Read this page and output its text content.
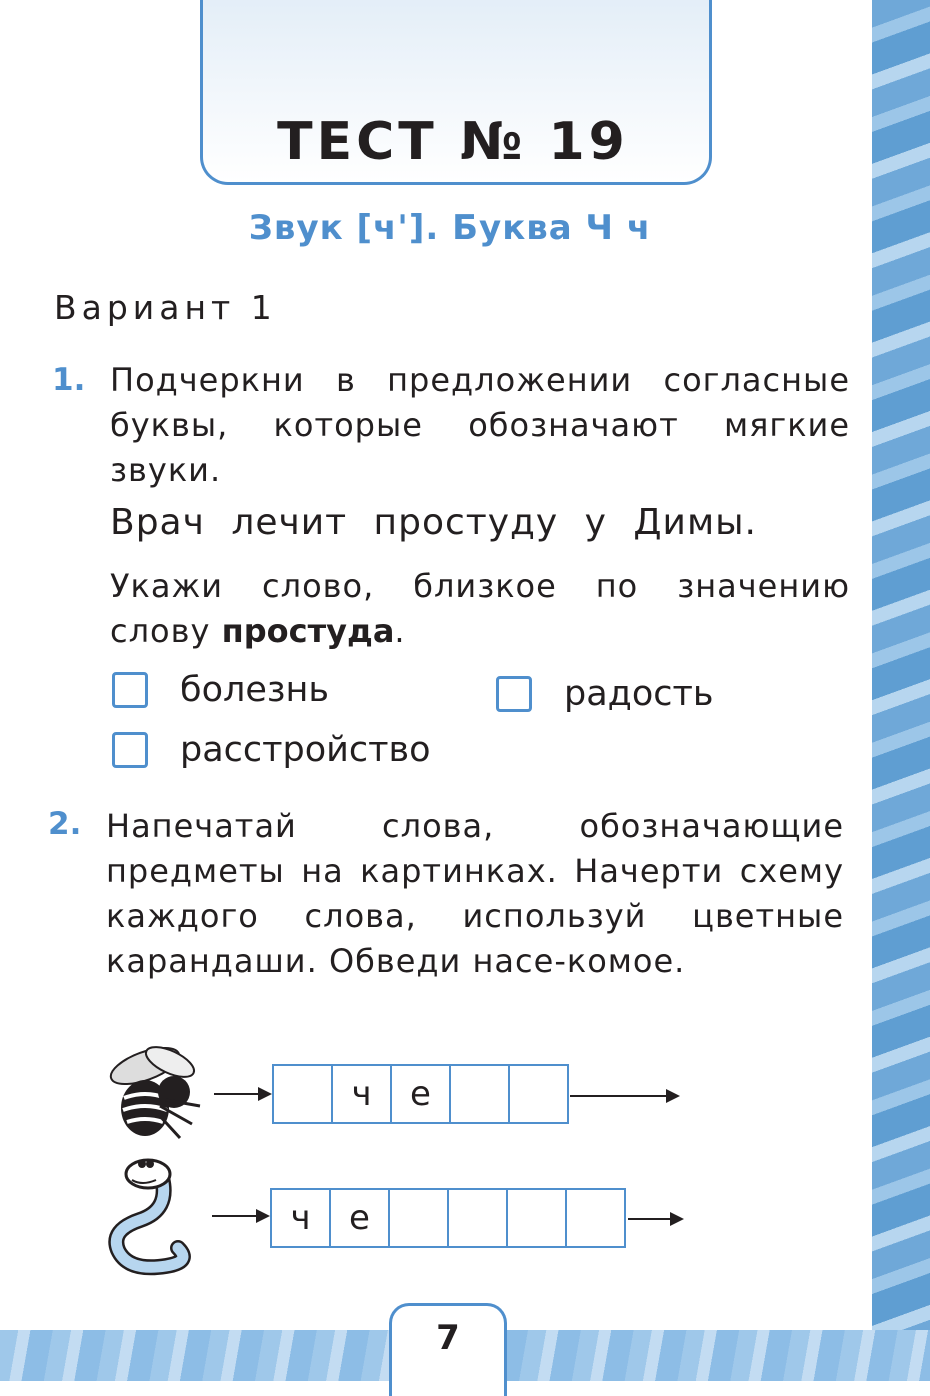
ТЕСТ № 19
Звук [ч']. Буква Ч ч
Вариант 1
1. Подчеркни в предложении согласные буквы, которые обозначают мягкие звуки.
Врач лечит простуду у Димы.
Укажи слово, близкое по значению слову простуда.
болезнь	радость
расстройство
2. Напечатай слова, обозначающие предметы на картинках. Начерти схему каждого слова, используй цветные карандаши. Обведи насе-комое.
ч	е
ч	е
7
